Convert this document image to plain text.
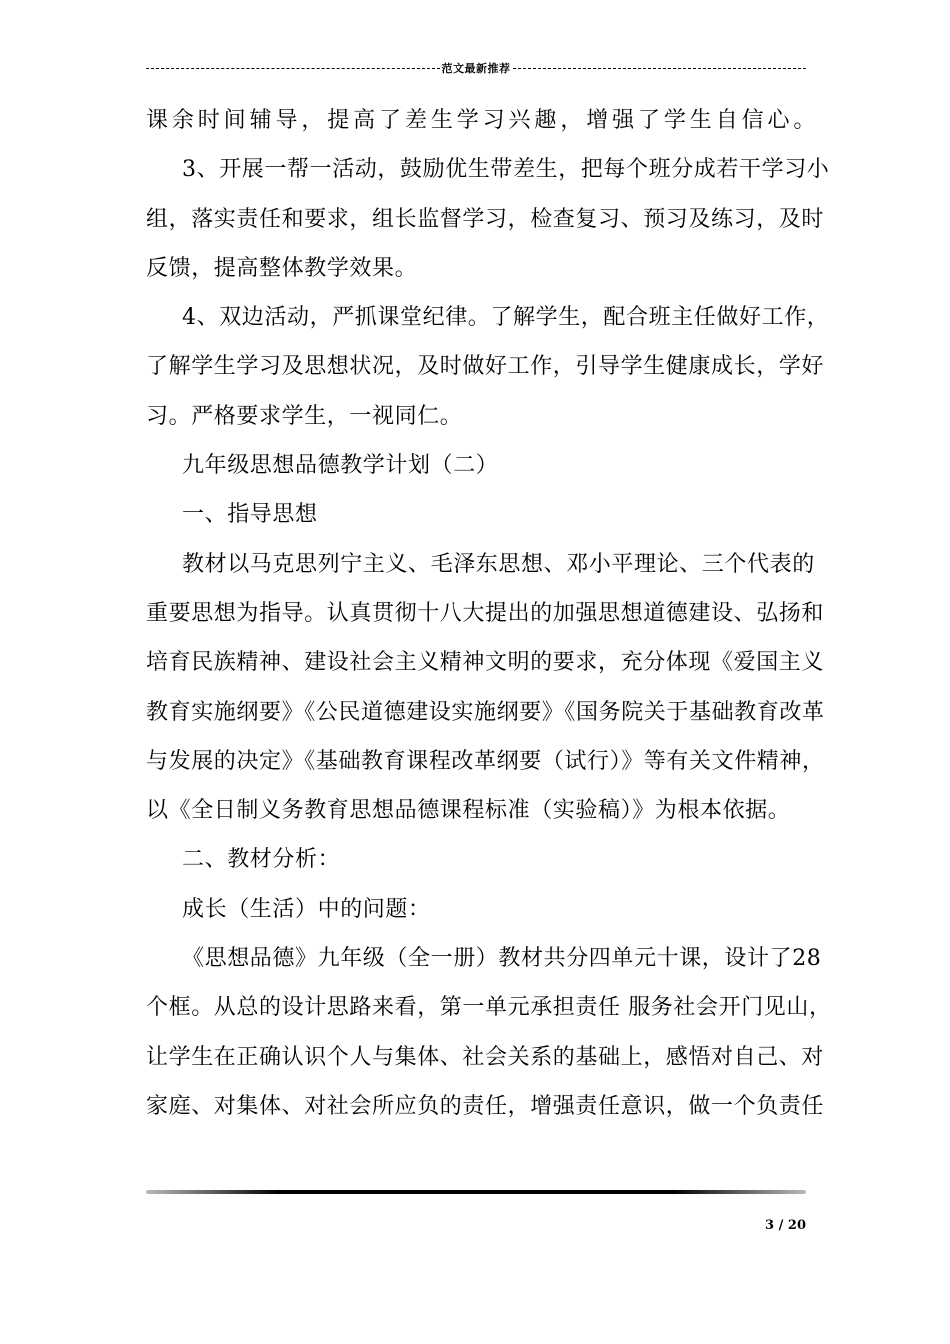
范文最新推荐
课余时间辅导，提高了差生学习兴趣，增强了学生自信心。
3、开展一帮一活动，鼓励优生带差生，把每个班分成若干学习小
组，落实责任和要求，组长监督学习，检查复习、预习及练习，及时
反馈，提高整体教学效果。
4、双边活动，严抓课堂纪律。了解学生，配合班主任做好工作，
了解学生学习及思想状况，及时做好工作，引导学生健康成长，学好
习。严格要求学生，一视同仁。
九年级思想品德教学计划（二）
一、指导思想
教材以马克思列宁主义、毛泽东思想、邓小平理论、三个代表的
重要思想为指导。认真贯彻十八大提出的加强思想道德建设、弘扬和
培育民族精神、建设社会主义精神文明的要求，充分体现《爱国主义
教育实施纲要》《公民道德建设实施纲要》《国务院关于基础教育改革
与发展的决定》《基础教育课程改革纲要（试行）》等有关文件精神，
以《全日制义务教育思想品德课程标准（实验稿）》为根本依据。
二、教材分析：
成长（生活）中的问题：
《思想品德》九年级（全一册）教材共分四单元十课，设计了28
个框。从总的设计思路来看，第一单元承担责任 服务社会开门见山，
让学生在正确认识个人与集体、社会关系的基础上，感悟对自己、对
家庭、对集体、对社会所应负的责任，增强责任意识，做一个负责任
3 / 20
